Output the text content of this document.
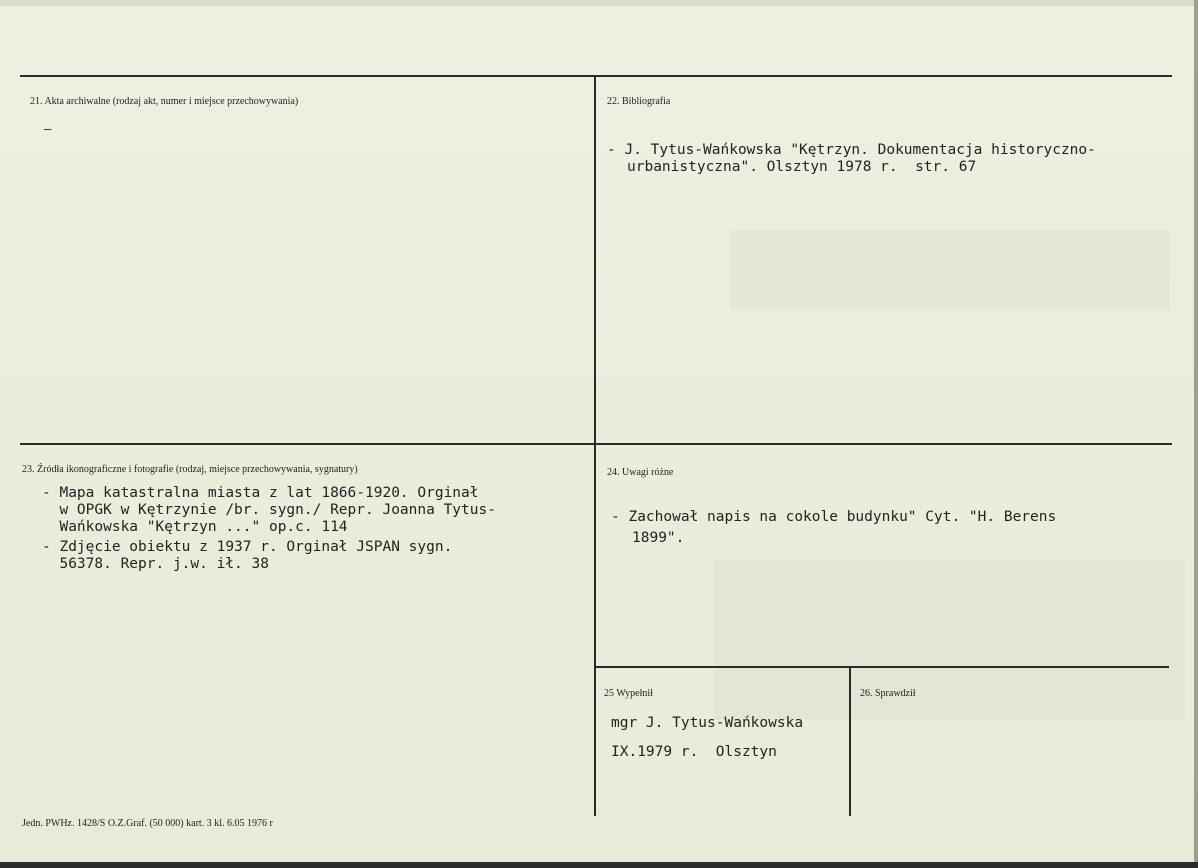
21. Akta archiwalne (rodzaj akt, numer i miejsce przechowywania)
—
22. Bibliografia
- J. Tytus-Wańkowska "Kętrzyn. Dokumentacja historyczno-
urbanistyczna". Olsztyn 1978 r.  str. 67
23. Źródła ikonograficzne i fotografie (rodzaj, miejsce przechowywania, sygnatury)
- Mapa katastralna miasta z lat 1866-1920. Orginał
w OPGK w Kętrzynie /br. sygn./ Repr. Joanna Tytus-
Wańkowska "Kętrzyn ..." op.c. 114
- Zdjęcie obiektu z 1937 r. Orginał JSPAN sygn.
56378. Repr. j.w. ił. 38
24. Uwagi różne
- Zachował napis na cokole budynku" Cyt. "H. Berens
1899".
25 Wypełnił
mgr J. Tytus-Wańkowska
IX.1979 r.  Olsztyn
26. Sprawdził
Jedn. PWHz. 1428/S O.Z.Graf. (50 000) kart. 3 kl. 6.05 1976 r
